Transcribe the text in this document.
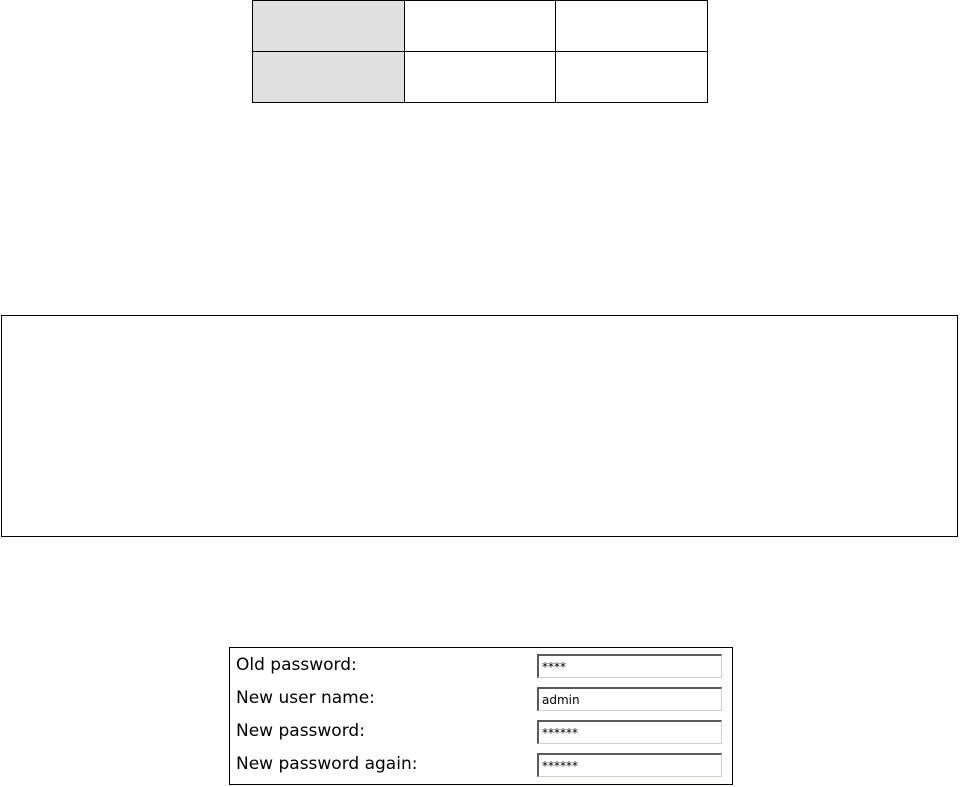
Old password:
****
New user name:
admin
New password:
******
New password again:
******
